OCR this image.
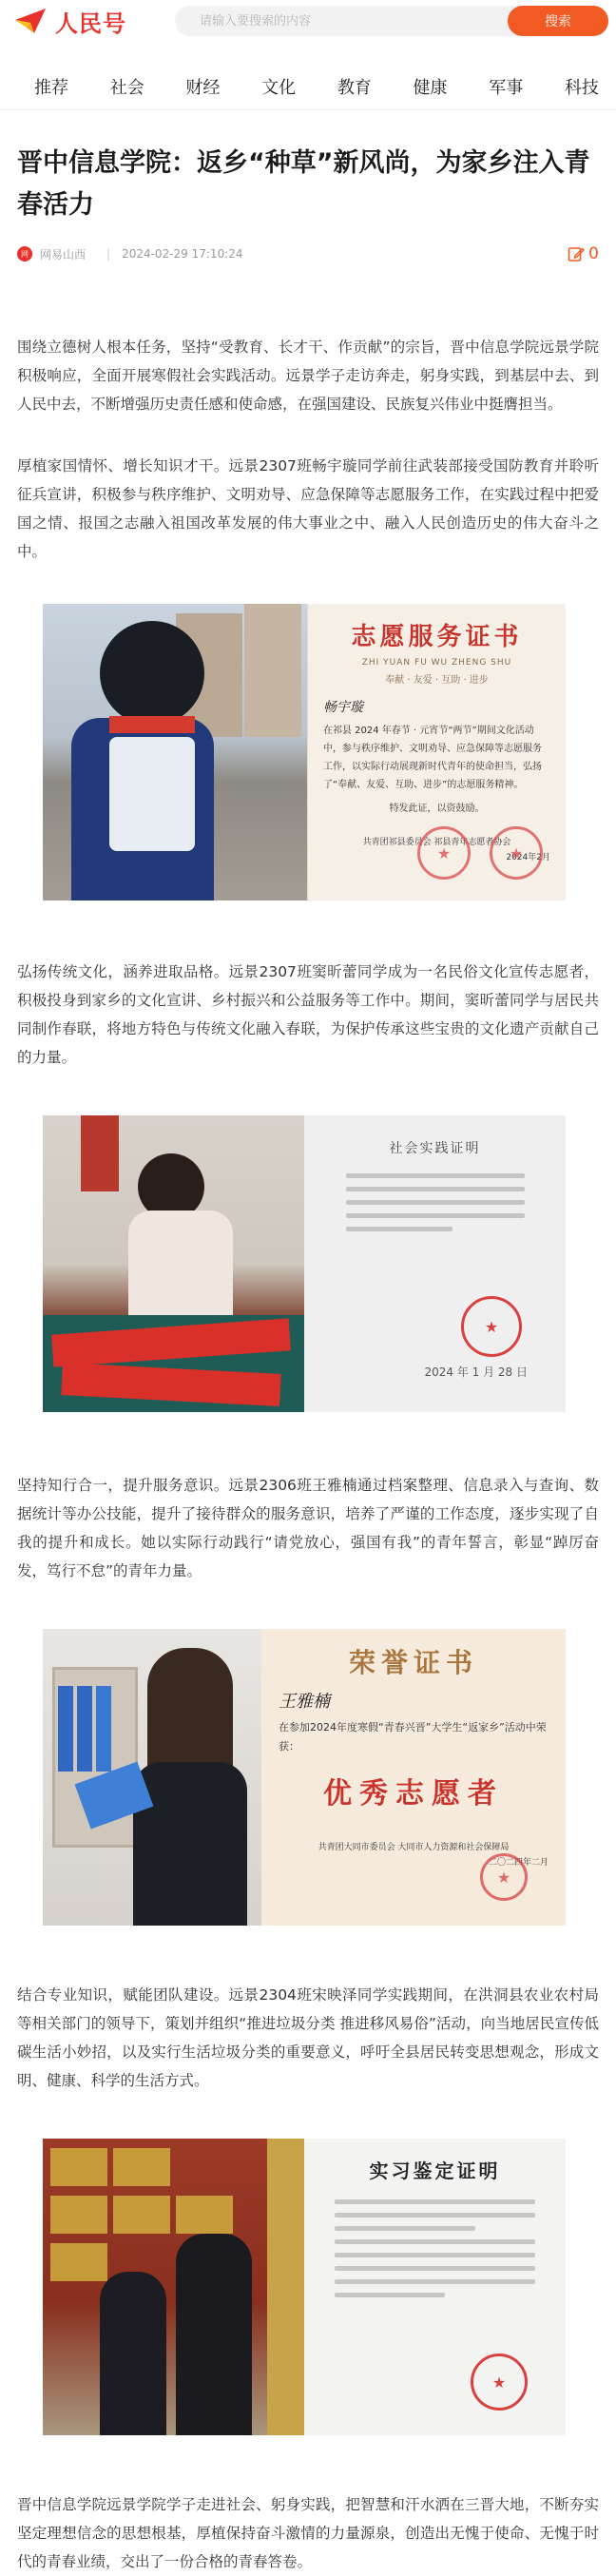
人民号
请输入要搜索的内容	搜索
推荐 社会 财经 文化 教育 健康 军事 科技
晋中信息学院：返乡“种草”新风尚，为家乡注入青春活力
网	网易山西 | 2024-02-29 17:10:24	0

围绕立德树人根本任务，坚持“受教育、长才干、作贡献”的宗旨，晋中信息学院远景学院积极响应，全面开展寒假社会实践活动。远景学子走访奔走，躬身实践，到基层中去、到人民中去，不断增强历史责任感和使命感，在强国建设、民族复兴伟业中挺膺担当。

厚植家国情怀、增长知识才干。远景2307班畅宇璇同学前往武装部接受国防教育并聆听征兵宣讲，积极参与秩序维护、文明劝导、应急保障等志愿服务工作，在实践过程中把爱国之情、报国之志融入祖国改革发展的伟大事业之中、融入人民创造历史的伟大奋斗之中。

志愿服务证书
ZHI YUAN FU WU ZHENG SHU
奉献 · 友爱 · 互助 · 进步
畅宇璇
在祁县 2024 年春节 · 元宵节“两节”期间文化活动中，参与秩序维护、文明劝导、应急保障等志愿服务工作，以实际行动展现新时代青年的使命担当，弘扬了“奉献、友爱、互助、进步”的志愿服务精神。
特发此证，以资鼓励。
共青团祁县委员会 祁县青年志愿者协会
2024年2月
★
★

弘扬传统文化，涵养进取品格。远景2307班窦昕蕾同学成为一名民俗文化宣传志愿者，积极投身到家乡的文化宣讲、乡村振兴和公益服务等工作中。期间，窦昕蕾同学与居民共同制作春联，将地方特色与传统文化融入春联，为保护传承这些宝贵的文化遗产贡献自己的力量。

社会实践证明
★
2024 年 1 月 28 日

坚持知行合一，提升服务意识。远景2306班王雅楠通过档案整理、信息录入与查询、数据统计等办公技能，提升了接待群众的服务意识，培养了严谨的工作态度，逐步实现了自我的提升和成长。她以实际行动践行“请党放心，强国有我”的青年誓言，彰显“踔厉奋发，笃行不怠”的青年力量。

荣誉证书
王雅楠
在参加2024年度寒假“青春兴晋”大学生“返家乡”活动中荣获：
优秀志愿者
共青团大同市委员会 大同市人力资源和社会保障局
二〇二四年二月
★

结合专业知识，赋能团队建设。远景2304班宋映泽同学实践期间，在洪洞县农业农村局等相关部门的领导下，策划并组织“推进垃圾分类 推进移风易俗”活动，向当地居民宣传低碳生活小妙招，以及实行生活垃圾分类的重要意义，呼吁全县居民转变思想观念，形成文明、健康、科学的生活方式。

实习鉴定证明
★

晋中信息学院远景学院学子走进社会、躬身实践，把智慧和汗水洒在三晋大地，不断夯实坚定理想信念的思想根基，厚植保持奋斗激情的力量源泉，创造出无愧于使命、无愧于时代的青春业绩，交出了一份合格的青春答卷。
